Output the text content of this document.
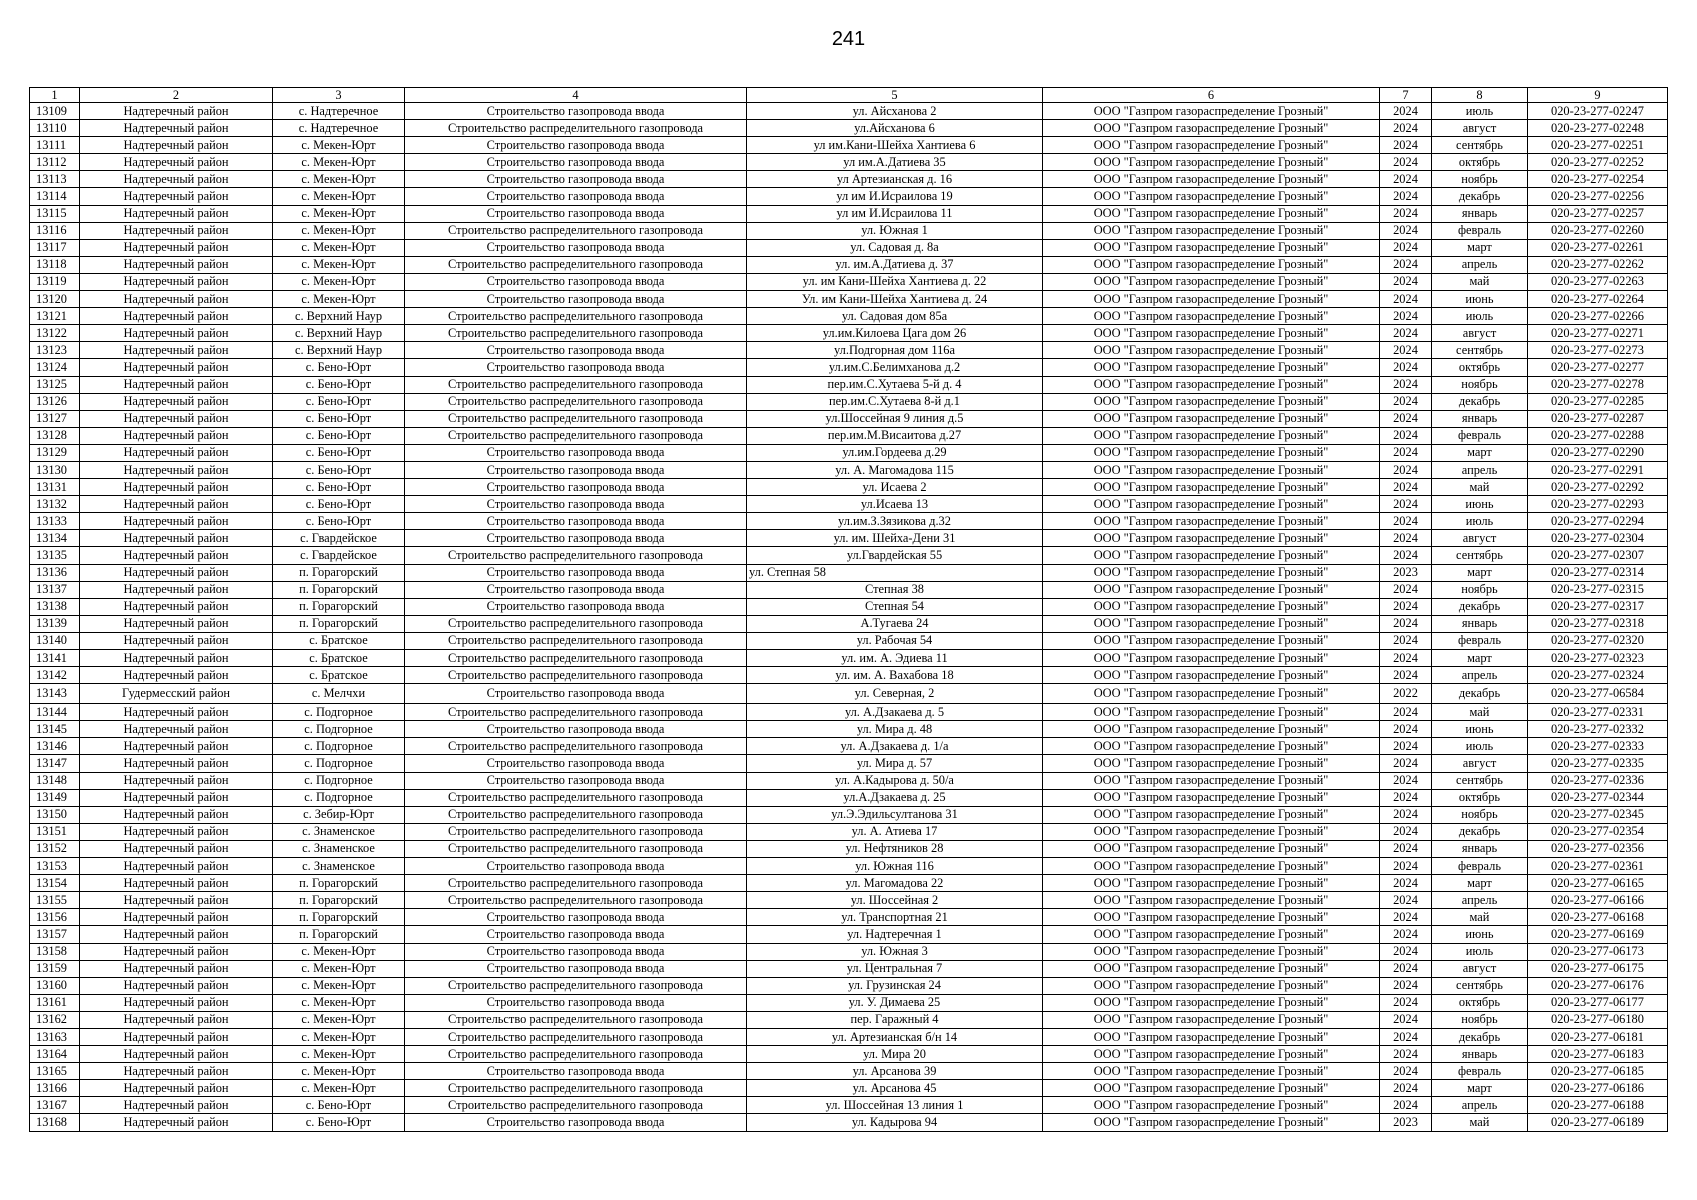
241
1	2	3	4	5	6	7	8	9
13109	Надтеречный район	с. Надтеречное	Строительство газопровода ввода	ул. Айсханова 2	ООО "Газпром газораспределение Грозный"	2024	июль	020-23-277-02247
13110	Надтеречный район	с. Надтеречное	Строительство распределительного газопровода	ул.Айсханова 6	ООО "Газпром газораспределение Грозный"	2024	август	020-23-277-02248
13111	Надтеречный район	с. Мекен-Юрт	Строительство газопровода ввода	ул им.Кани-Шейха Хантиева 6	ООО "Газпром газораспределение Грозный"	2024	сентябрь	020-23-277-02251
13112	Надтеречный район	с. Мекен-Юрт	Строительство газопровода ввода	ул им.А.Датиева 35	ООО "Газпром газораспределение Грозный"	2024	октябрь	020-23-277-02252
13113	Надтеречный район	с. Мекен-Юрт	Строительство газопровода ввода	ул Артезианская д. 16	ООО "Газпром газораспределение Грозный"	2024	ноябрь	020-23-277-02254
13114	Надтеречный район	с. Мекен-Юрт	Строительство газопровода ввода	ул им И.Исраилова 19	ООО "Газпром газораспределение Грозный"	2024	декабрь	020-23-277-02256
13115	Надтеречный район	с. Мекен-Юрт	Строительство газопровода ввода	ул им И.Исраилова 11	ООО "Газпром газораспределение Грозный"	2024	январь	020-23-277-02257
13116	Надтеречный район	с. Мекен-Юрт	Строительство распределительного газопровода	ул. Южная 1	ООО "Газпром газораспределение Грозный"	2024	февраль	020-23-277-02260
13117	Надтеречный район	с. Мекен-Юрт	Строительство газопровода ввода	ул. Садовая д. 8а	ООО "Газпром газораспределение Грозный"	2024	март	020-23-277-02261
13118	Надтеречный район	с. Мекен-Юрт	Строительство распределительного газопровода	ул. им.А.Датиева д. 37	ООО "Газпром газораспределение Грозный"	2024	апрель	020-23-277-02262
13119	Надтеречный район	с. Мекен-Юрт	Строительство газопровода ввода	ул. им Кани-Шейха Хантиева д. 22	ООО "Газпром газораспределение Грозный"	2024	май	020-23-277-02263
13120	Надтеречный район	с. Мекен-Юрт	Строительство газопровода ввода	Ул. им Кани-Шейха Хантиева д. 24	ООО "Газпром газораспределение Грозный"	2024	июнь	020-23-277-02264
13121	Надтеречный район	с. Верхний Наур	Строительство распределительного газопровода	ул. Садовая дом 85а	ООО "Газпром газораспределение Грозный"	2024	июль	020-23-277-02266
13122	Надтеречный район	с. Верхний Наур	Строительство распределительного газопровода	ул.им.Килоева Цага дом 26	ООО "Газпром газораспределение Грозный"	2024	август	020-23-277-02271
13123	Надтеречный район	с. Верхний Наур	Строительство газопровода ввода	ул.Подгорная дом 116а	ООО "Газпром газораспределение Грозный"	2024	сентябрь	020-23-277-02273
13124	Надтеречный район	с. Бено-Юрт	Строительство газопровода ввода	ул.им.С.Белимханова д.2	ООО "Газпром газораспределение Грозный"	2024	октябрь	020-23-277-02277
13125	Надтеречный район	с. Бено-Юрт	Строительство распределительного газопровода	пер.им.С.Хутаева 5-й д. 4	ООО "Газпром газораспределение Грозный"	2024	ноябрь	020-23-277-02278
13126	Надтеречный район	с. Бено-Юрт	Строительство распределительного газопровода	пер.им.С.Хутаева 8-й д.1	ООО "Газпром газораспределение Грозный"	2024	декабрь	020-23-277-02285
13127	Надтеречный район	с. Бено-Юрт	Строительство распределительного газопровода	ул.Шоссейная 9 линия д.5	ООО "Газпром газораспределение Грозный"	2024	январь	020-23-277-02287
13128	Надтеречный район	с. Бено-Юрт	Строительство распределительного газопровода	пер.им.М.Висаитова д.27	ООО "Газпром газораспределение Грозный"	2024	февраль	020-23-277-02288
13129	Надтеречный район	с. Бено-Юрт	Строительство газопровода ввода	ул.им.Гордеева д.29	ООО "Газпром газораспределение Грозный"	2024	март	020-23-277-02290
13130	Надтеречный район	с. Бено-Юрт	Строительство газопровода ввода	ул. А. Магомадова 115	ООО "Газпром газораспределение Грозный"	2024	апрель	020-23-277-02291
13131	Надтеречный район	с. Бено-Юрт	Строительство газопровода ввода	ул. Исаева 2	ООО "Газпром газораспределение Грозный"	2024	май	020-23-277-02292
13132	Надтеречный район	с. Бено-Юрт	Строительство газопровода ввода	ул.Исаева 13	ООО "Газпром газораспределение Грозный"	2024	июнь	020-23-277-02293
13133	Надтеречный район	с. Бено-Юрт	Строительство газопровода ввода	ул.им.З.Зязикова д.32	ООО "Газпром газораспределение Грозный"	2024	июль	020-23-277-02294
13134	Надтеречный район	с. Гвардейское	Строительство газопровода ввода	ул. им. Шейха-Дени 31	ООО "Газпром газораспределение Грозный"	2024	август	020-23-277-02304
13135	Надтеречный район	с. Гвардейское	Строительство распределительного газопровода	ул.Гвардейская 55	ООО "Газпром газораспределение Грозный"	2024	сентябрь	020-23-277-02307
13136	Надтеречный район	п. Горагорский	Строительство газопровода ввода	ул. Степная 58	ООО "Газпром газораспределение Грозный"	2023	март	020-23-277-02314
13137	Надтеречный район	п. Горагорский	Строительство газопровода ввода	Степная 38	ООО "Газпром газораспределение Грозный"	2024	ноябрь	020-23-277-02315
13138	Надтеречный район	п. Горагорский	Строительство газопровода ввода	Степная 54	ООО "Газпром газораспределение Грозный"	2024	декабрь	020-23-277-02317
13139	Надтеречный район	п. Горагорский	Строительство распределительного газопровода	А.Тугаева 24	ООО "Газпром газораспределение Грозный"	2024	январь	020-23-277-02318
13140	Надтеречный район	с. Братское	Строительство распределительного газопровода	ул. Рабочая 54	ООО "Газпром газораспределение Грозный"	2024	февраль	020-23-277-02320
13141	Надтеречный район	с. Братское	Строительство распределительного газопровода	ул. им. А. Эдиева 11	ООО "Газпром газораспределение Грозный"	2024	март	020-23-277-02323
13142	Надтеречный район	с. Братское	Строительство распределительного газопровода	ул. им. А. Вахабова 18	ООО "Газпром газораспределение Грозный"	2024	апрель	020-23-277-02324
13143	Гудермесский район	с. Мелчхи	Строительство газопровода ввода	ул. Северная, 2	ООО "Газпром газораспределение Грозный"	2022	декабрь	020-23-277-06584
13144	Надтеречный район	с. Подгорное	Строительство распределительного газопровода	ул. А.Дзакаева д. 5	ООО "Газпром газораспределение Грозный"	2024	май	020-23-277-02331
13145	Надтеречный район	с. Подгорное	Строительство газопровода ввода	ул. Мира д. 48	ООО "Газпром газораспределение Грозный"	2024	июнь	020-23-277-02332
13146	Надтеречный район	с. Подгорное	Строительство распределительного газопровода	ул. А.Дзакаева д. 1/а	ООО "Газпром газораспределение Грозный"	2024	июль	020-23-277-02333
13147	Надтеречный район	с. Подгорное	Строительство газопровода ввода	ул. Мира д. 57	ООО "Газпром газораспределение Грозный"	2024	август	020-23-277-02335
13148	Надтеречный район	с. Подгорное	Строительство газопровода ввода	ул. А.Кадырова д. 50/а	ООО "Газпром газораспределение Грозный"	2024	сентябрь	020-23-277-02336
13149	Надтеречный район	с. Подгорное	Строительство распределительного газопровода	ул.А.Дзакаева д. 25	ООО "Газпром газораспределение Грозный"	2024	октябрь	020-23-277-02344
13150	Надтеречный район	с. Зебир-Юрт	Строительство распределительного газопровода	ул.Э.Эдильсултанова 31	ООО "Газпром газораспределение Грозный"	2024	ноябрь	020-23-277-02345
13151	Надтеречный район	с. Знаменское	Строительство распределительного газопровода	ул. А. Атиева 17	ООО "Газпром газораспределение Грозный"	2024	декабрь	020-23-277-02354
13152	Надтеречный район	с. Знаменское	Строительство распределительного газопровода	ул. Нефтяников 28	ООО "Газпром газораспределение Грозный"	2024	январь	020-23-277-02356
13153	Надтеречный район	с. Знаменское	Строительство газопровода ввода	ул. Южная 116	ООО "Газпром газораспределение Грозный"	2024	февраль	020-23-277-02361
13154	Надтеречный район	п. Горагорский	Строительство распределительного газопровода	ул. Магомадова 22	ООО "Газпром газораспределение Грозный"	2024	март	020-23-277-06165
13155	Надтеречный район	п. Горагорский	Строительство распределительного газопровода	ул. Шоссейная 2	ООО "Газпром газораспределение Грозный"	2024	апрель	020-23-277-06166
13156	Надтеречный район	п. Горагорский	Строительство газопровода ввода	ул. Транспортная 21	ООО "Газпром газораспределение Грозный"	2024	май	020-23-277-06168
13157	Надтеречный район	п. Горагорский	Строительство газопровода ввода	ул. Надтеречная 1	ООО "Газпром газораспределение Грозный"	2024	июнь	020-23-277-06169
13158	Надтеречный район	с. Мекен-Юрт	Строительство газопровода ввода	ул. Южная 3	ООО "Газпром газораспределение Грозный"	2024	июль	020-23-277-06173
13159	Надтеречный район	с. Мекен-Юрт	Строительство газопровода ввода	ул. Центральная 7	ООО "Газпром газораспределение Грозный"	2024	август	020-23-277-06175
13160	Надтеречный район	с. Мекен-Юрт	Строительство распределительного газопровода	ул. Грузинская 24	ООО "Газпром газораспределение Грозный"	2024	сентябрь	020-23-277-06176
13161	Надтеречный район	с. Мекен-Юрт	Строительство газопровода ввода	ул. У. Димаева 25	ООО "Газпром газораспределение Грозный"	2024	октябрь	020-23-277-06177
13162	Надтеречный район	с. Мекен-Юрт	Строительство распределительного газопровода	пер. Гаражный 4	ООО "Газпром газораспределение Грозный"	2024	ноябрь	020-23-277-06180
13163	Надтеречный район	с. Мекен-Юрт	Строительство распределительного газопровода	ул. Артезианская б/н 14	ООО "Газпром газораспределение Грозный"	2024	декабрь	020-23-277-06181
13164	Надтеречный район	с. Мекен-Юрт	Строительство распределительного газопровода	ул. Мира 20	ООО "Газпром газораспределение Грозный"	2024	январь	020-23-277-06183
13165	Надтеречный район	с. Мекен-Юрт	Строительство газопровода ввода	ул. Арсанова 39	ООО "Газпром газораспределение Грозный"	2024	февраль	020-23-277-06185
13166	Надтеречный район	с. Мекен-Юрт	Строительство распределительного газопровода	ул. Арсанова 45	ООО "Газпром газораспределение Грозный"	2024	март	020-23-277-06186
13167	Надтеречный район	с. Бено-Юрт	Строительство распределительного газопровода	ул. Шоссейная 13 линия 1	ООО "Газпром газораспределение Грозный"	2024	апрель	020-23-277-06188
13168	Надтеречный район	с. Бено-Юрт	Строительство газопровода ввода	ул. Кадырова 94	ООО "Газпром газораспределение Грозный"	2023	май	020-23-277-06189
